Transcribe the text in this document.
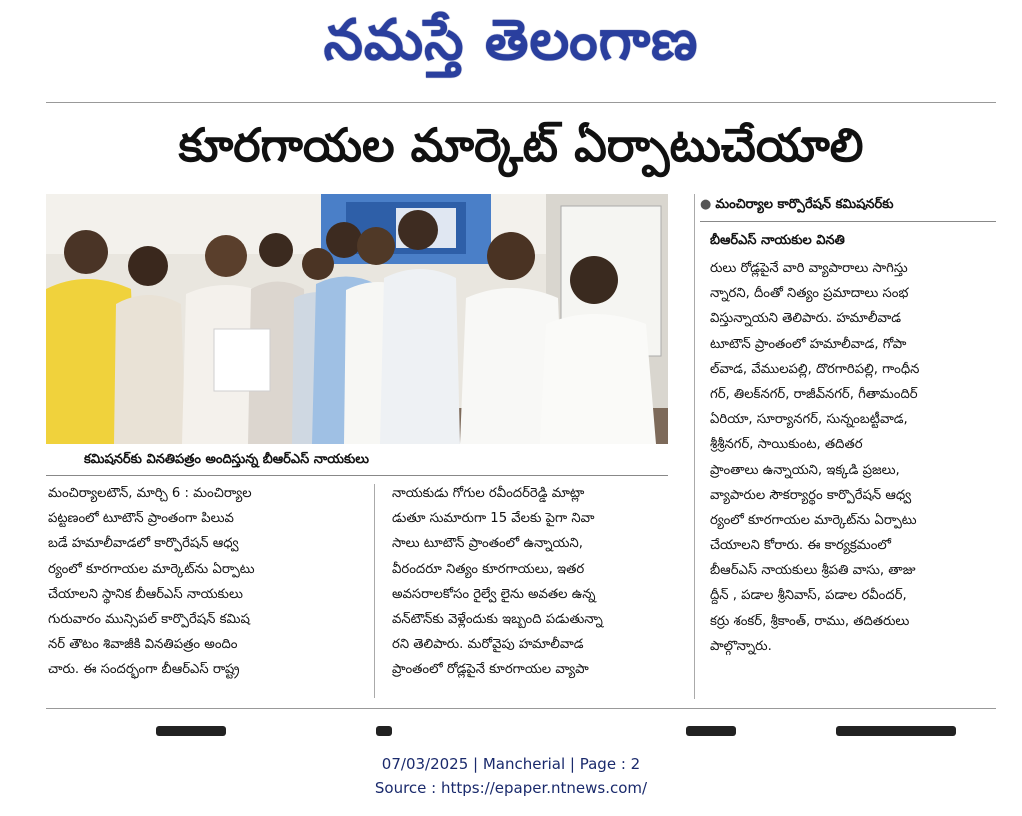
నమస్తే తెలంగాణ
కూరగాయల మార్కెట్ ఏర్పాటుచేయాలి
కమిషనర్‌కు వినతిపత్రం అందిస్తున్న బీఆర్‌ఎస్ నాయకులు
● మంచిర్యాల కార్పొరేషన్ కమిషనర్‌కు
బీఆర్‌ఎస్ నాయకుల వినతి
రులు రోడ్లపైనే వారి వ్యాపారాలు సాగిస్తు
న్నారని, దీంతో నిత్యం ప్రమాదాలు సంభ
విస్తున్నాయని తెలిపారు. హమాలీవాడ
టూటౌన్ ప్రాంతంలో హమాలీవాడ, గోపా
ల్‌వాడ, వేములపల్లి, దొరగారిపల్లి, గాంధీన
గర్, తిలక్‌నగర్, రాజీవ్‌నగర్, గీతామందిర్
ఏరియా, సూర్యానగర్, సున్నంబట్టీవాడ,
శ్రీశ్రీనగర్, సాయికుంట, తదితర
ప్రాంతాలు ఉన్నాయని, ఇక్కడి ప్రజలు,
వ్యాపారుల సౌకర్యార్థం కార్పొరేషన్ ఆధ్వ
ర్యంలో కూరగాయల మార్కెట్‌ను ఏర్పాటు
చేయాలని కోరారు. ఈ కార్యక్రమంలో
బీఆర్‌ఎస్ నాయకులు శ్రీపతి వాసు, తాజు
ద్దీన్ , పడాల శ్రీనివాస్, పడాల రవీందర్,
కర్రు శంకర్, శ్రీకాంత్, రాము, తదితరులు
పాల్గొన్నారు.
మంచిర్యాలటౌన్, మార్చి 6 : మంచిర్యాల
పట్టణంలో టూటౌన్ ప్రాంతంగా పిలువ
బడే హమాలీవాడలో కార్పొరేషన్ ఆధ్వ
ర్యంలో కూరగాయల మార్కెట్‌ను ఏర్పాటు
చేయాలని స్థానిక బీఆర్‌ఎస్ నాయకులు
గురువారం మున్సిపల్ కార్పొరేషన్ కమిష
నర్ తౌటం శివాజీకి వినతిపత్రం అందిం
చారు. ఈ సందర్భంగా బీఆర్‌ఎస్ రాష్ట్ర
నాయకుడు గోగుల రవీందర్‌రెడ్డి మాట్లా
డుతూ సుమారుగా 15 వేలకు పైగా నివా
సాలు టూటౌన్ ప్రాంతంలో ఉన్నాయని,
వీరందరూ నిత్యం కూరగాయలు, ఇతర
అవసరాలకోసం రైల్వే లైను అవతల ఉన్న
వన్‌టౌన్‌కు వెళ్లేందుకు ఇబ్బంది పడుతున్నా
రని తెలిపారు. మరోవైపు హమాలీవాడ
ప్రాంతంలో రోడ్లపైనే కూరగాయల వ్యాపా
07/03/2025 | Mancherial | Page : 2
Source : https://epaper.ntnews.com/
